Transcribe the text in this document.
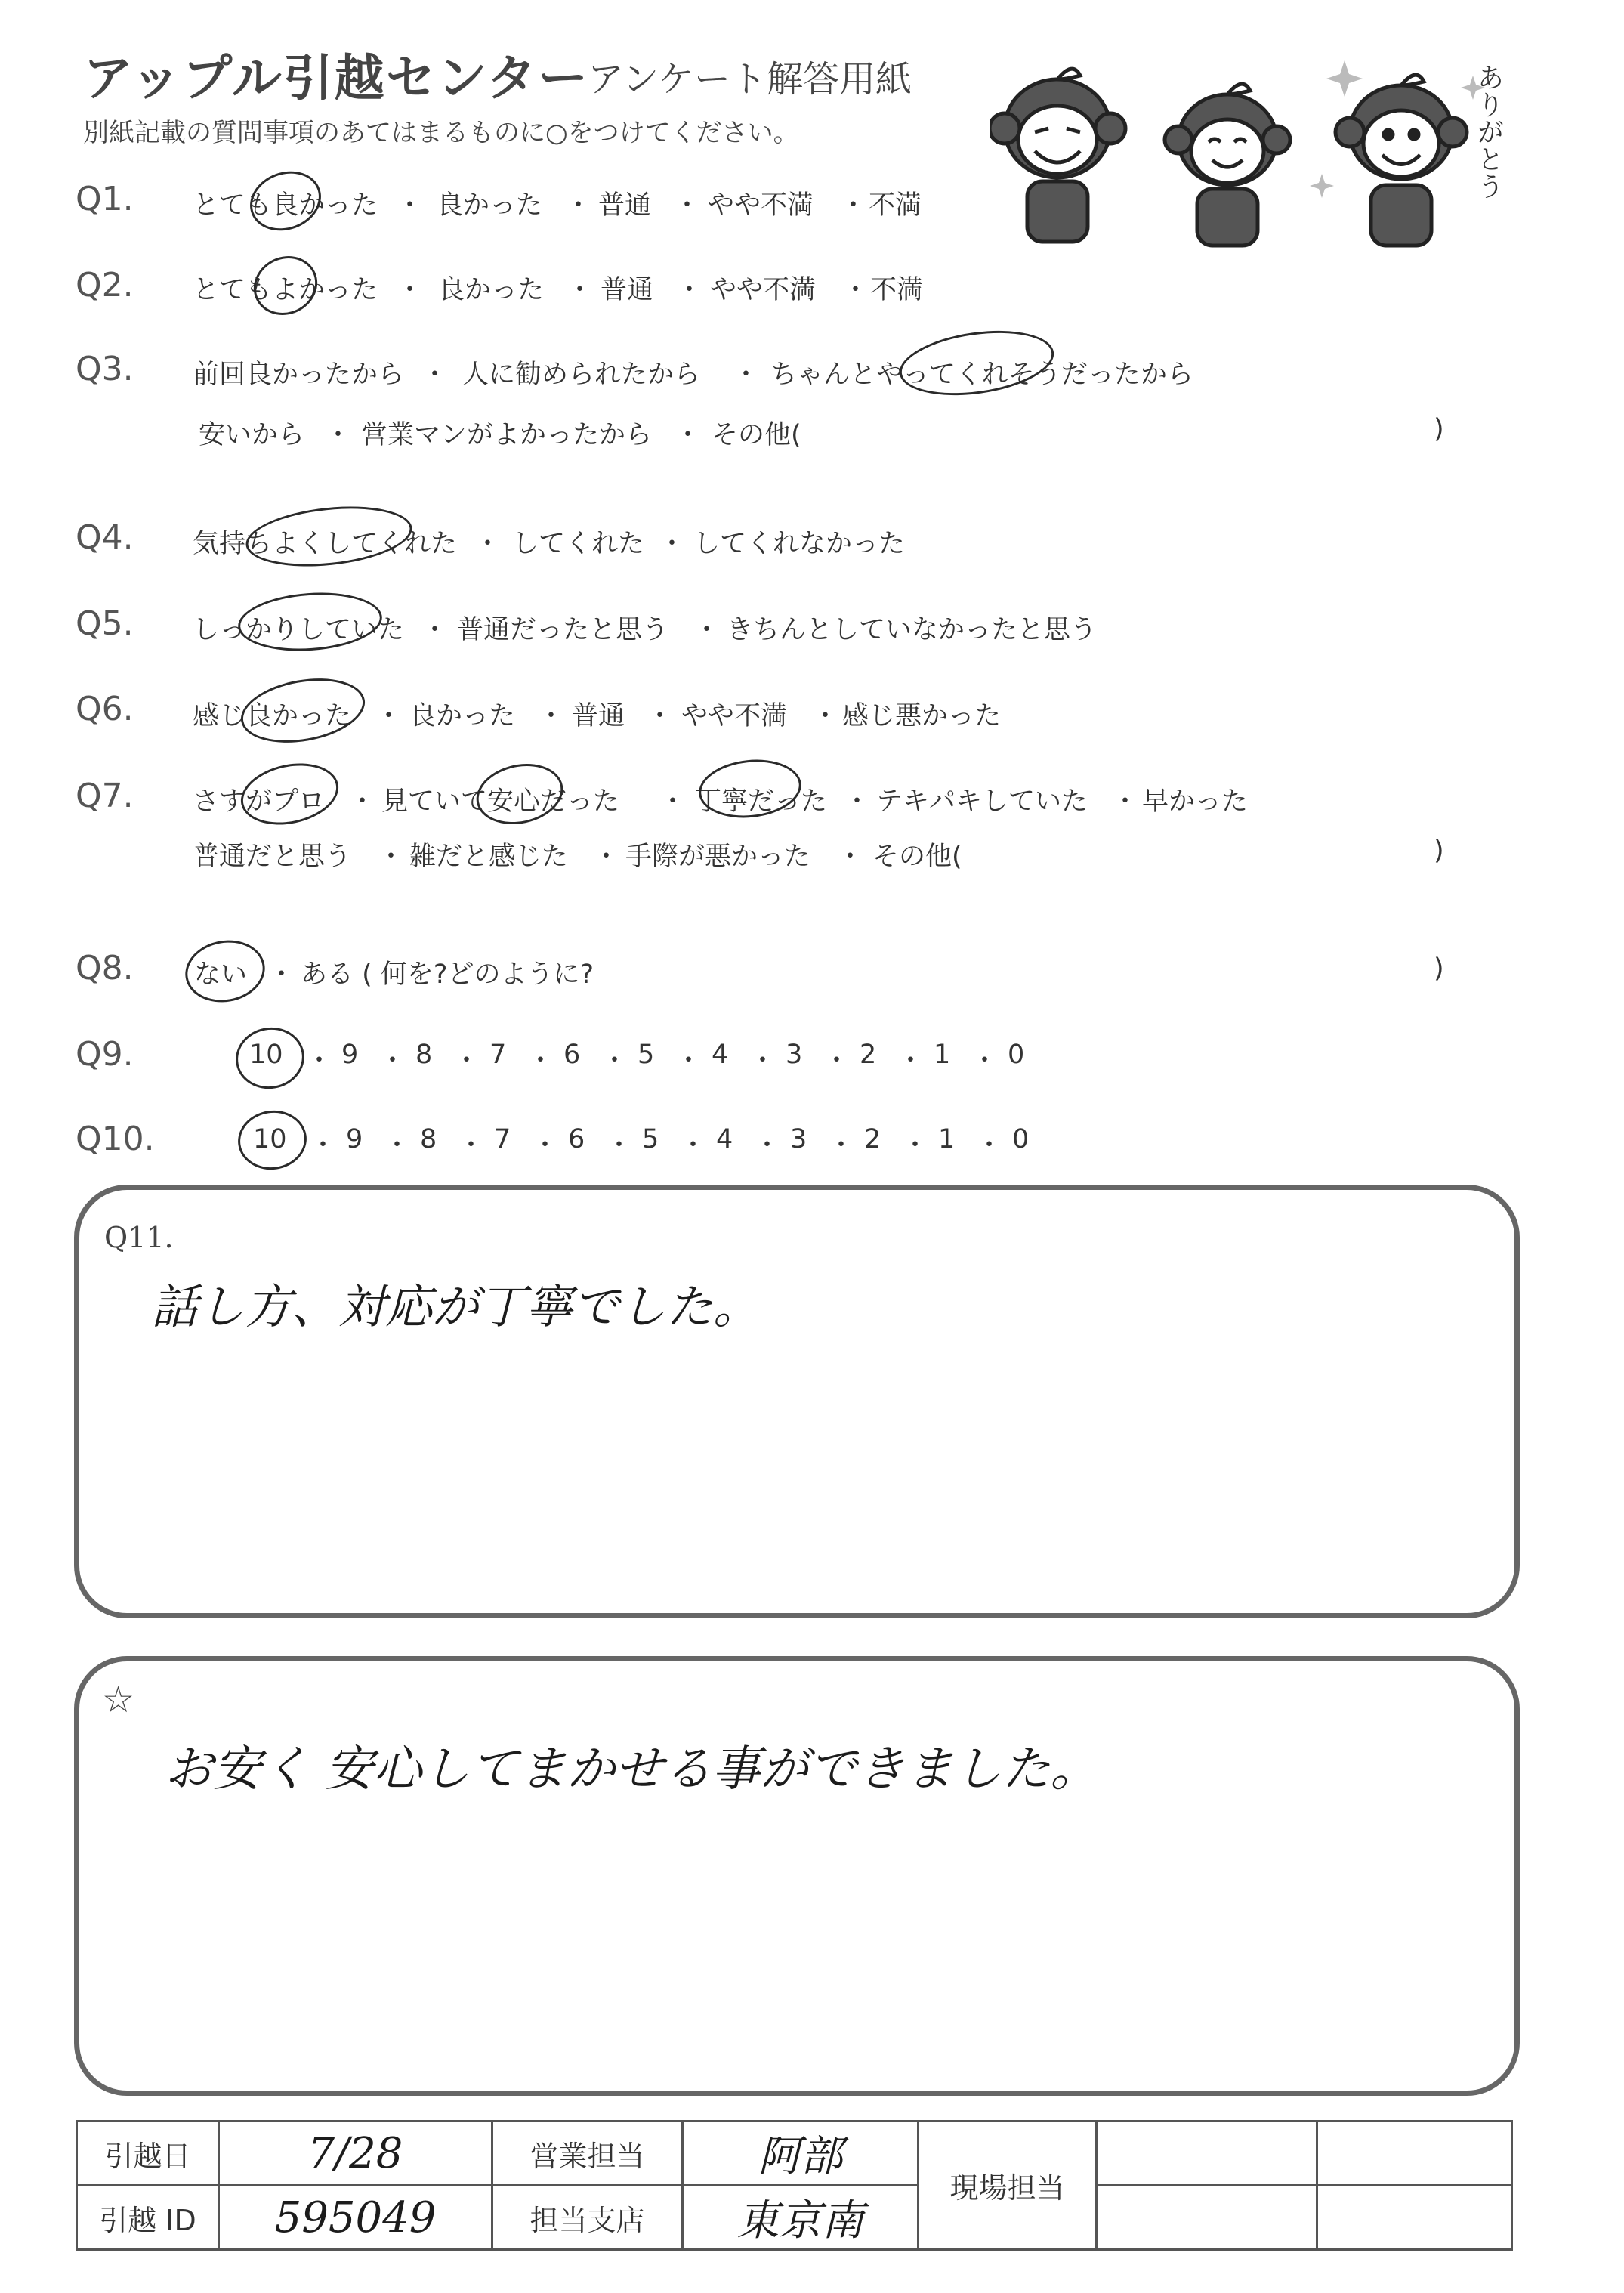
アップル引越センター
アンケート解答用紙
別紙記載の質問事項のあてはまるものに○をつけてください。	ありがとう
Q1. とても良かった ・ 良かった ・ 普通 ・ やや不満 ・ 不満
Q2. とてもよかった ・ 良かった ・ 普通 ・ やや不満 ・ 不満
Q3. 前回良かったから ・ 人に勧められたから ・ ちゃんとやってくれそうだったから
安いから ・ 営業マンがよかったから ・ その他(	)
Q4. 気持ちよくしてくれた ・ してくれた ・ してくれなかった
Q5. しっかりしていた ・ 普通だったと思う ・ きちんとしていなかったと思う
Q6. 感じ良かった ・ 良かった ・ 普通 ・ やや不満 ・ 感じ悪かった
Q7. さすがプロ ・ 見ていて安心だった ・ 丁寧だった ・ テキパキしていた ・ 早かった
普通だと思う ・ 雑だと感じた ・ 手際が悪かった ・ その他(	)
Q8. ない ・ ある ( 何を?どのように?	)
Q9.	10 ・ 9 ・ 8 ・ 7 ・ 6 ・ 5 ・ 4 ・ 3 ・ 2 ・ 1 ・ 0
Q10.	10 ・ 9 ・ 8 ・ 7 ・ 6 ・ 5 ・ 4 ・ 3 ・ 2 ・ 1 ・ 0
Q11.
話し方、対応が丁寧でした。
☆
お安く 安心してまかせる事ができました。
引越日	7/28	営業担当	阿部	現場担当		
引越 ID	595049	担当支店	東京南			
